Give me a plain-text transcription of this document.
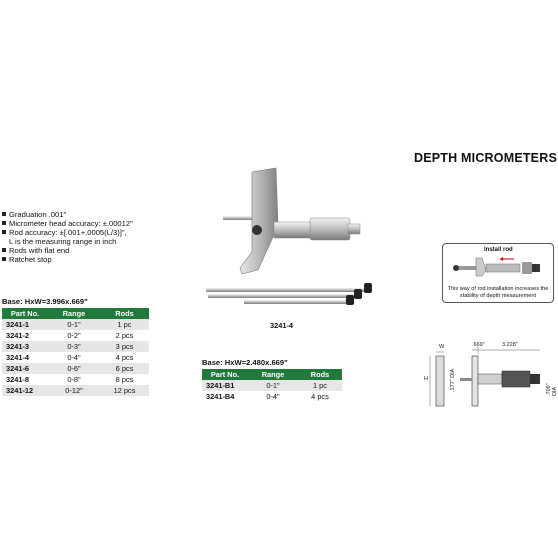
DEPTH MICROMETERS
Graduation .001"
Micrometer head accuracy: ±.00012"
Rod accuracy: ±[.001+.0005(L/3)]",
L is the measuring range in inch
Rods with flat end
Ratchet stop
3241-4
Base: HxW=3.996x.669"
Part No.	Range	Rods
3241-1	0-1"	1 pc
3241-2	0-2"	2 pcs
3241-3	0-3"	3 pcs
3241-4	0-4"	4 pcs
3241-6	0-6"	6 pcs
3241-8	0-8"	8 pcs
3241-12	0-12"	12 pcs
Base: HxW=2.480x.669"
Part No.	Range	Rods
3241-B1	0-1"	1 pc
3241-B4	0-4"	4 pcs
Install rod
This way of rod installation increases the stability of depth measurement
W
H
.669"	3.228"
.177" DIA	.709" DIA
